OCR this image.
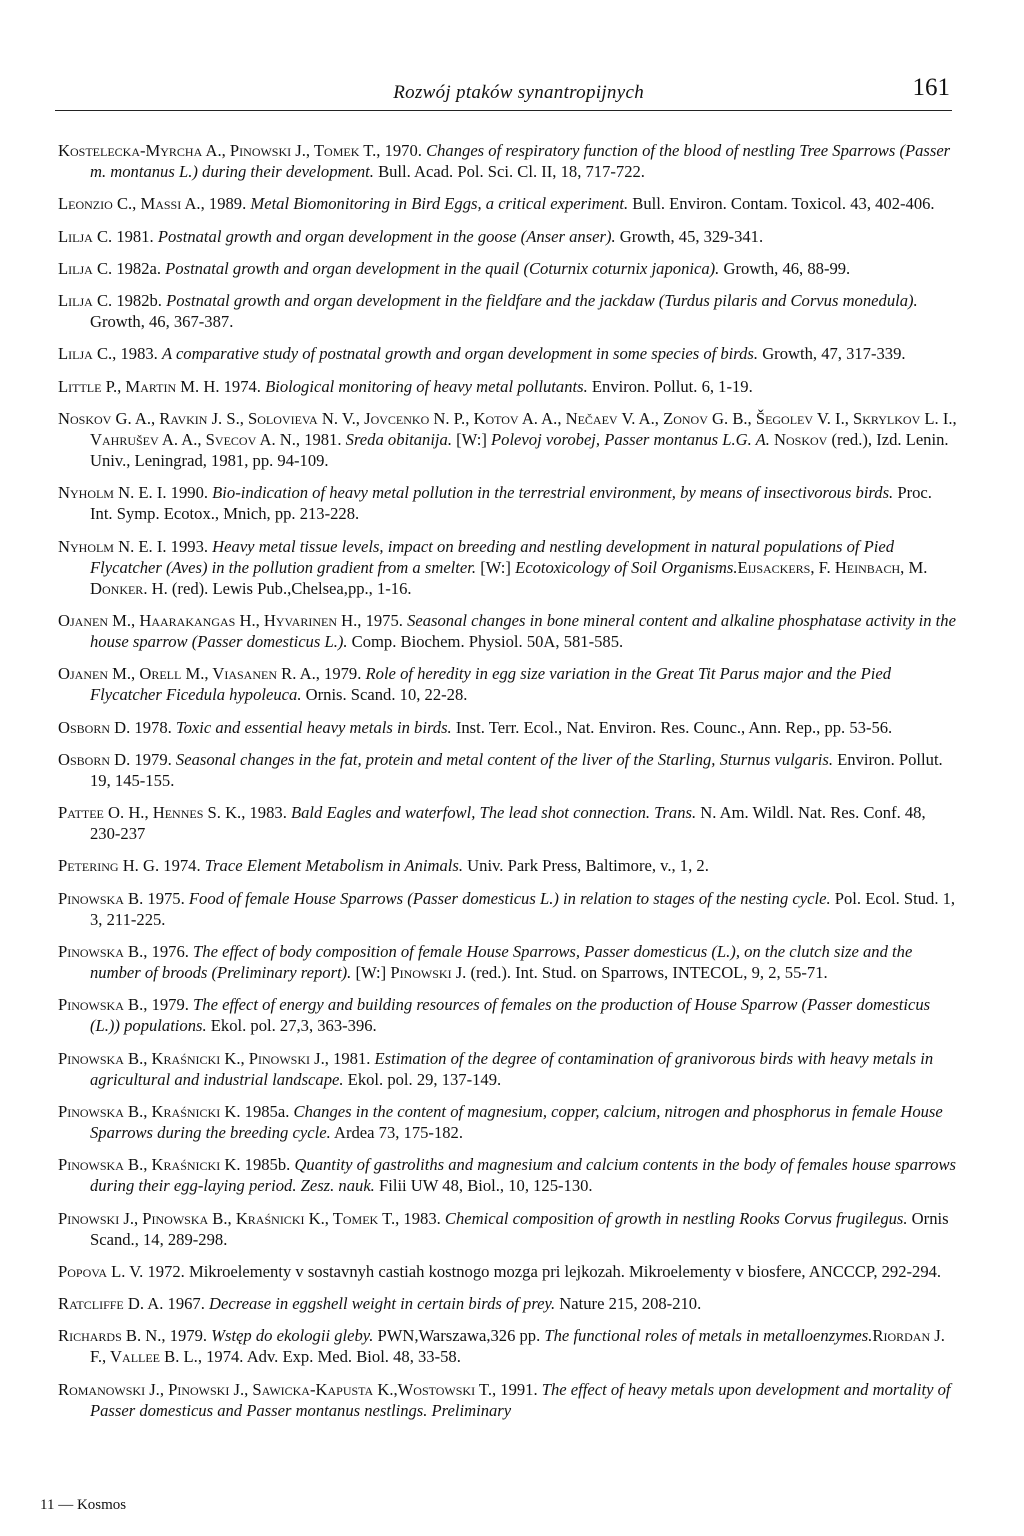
Rozwój ptaków synantropijnych	161
Kostelecka-Myrcha A., Pinowski J., Tomek T., 1970. Changes of respiratory function of the blood of nestling Tree Sparrows (Passer m. montanus L.) during their development. Bull. Acad. Pol. Sci. Cl. II, 18, 717-722.
Leonzio C., Massi A., 1989. Metal Biomonitoring in Bird Eggs, a critical experiment. Bull. Environ. Contam. Toxicol. 43, 402-406.
Lilja C. 1981. Postnatal growth and organ development in the goose (Anser anser). Growth, 45, 329-341.
Lilja C. 1982a. Postnatal growth and organ development in the quail (Coturnix coturnix japonica). Growth, 46, 88-99.
Lilja C. 1982b. Postnatal growth and organ development in the fieldfare and the jackdaw (Turdus pilaris and Corvus monedula). Growth, 46, 367-387.
Lilja C., 1983. A comparative study of postnatal growth and organ development in some species of birds. Growth, 47, 317-339.
Little P., Martin M. H. 1974. Biological monitoring of heavy metal pollutants. Environ. Pollut. 6, 1-19.
Noskov G. A., Ravkin J. S., Solovieva N. V., Jovcenko N. P., Kotov A. A., Nečaev V. A., Zonov G. B., Šegolev V. I., Skrylkov L. I., Vahrušev A. A., Svecov A. N., 1981. Sreda obitanija. [W:] Polevoj vorobej, Passer montanus L.G. A. Noskov (red.), Izd. Lenin. Univ., Leningrad, 1981, pp. 94-109.
Nyholm N. E. I. 1990. Bio-indication of heavy metal pollution in the terrestrial environment, by means of insectivorous birds. Proc. Int. Symp. Ecotox., Mnich, pp. 213-228.
Nyholm N. E. I. 1993. Heavy metal tissue levels, impact on breeding and nestling development in natural populations of Pied Flycatcher (Aves) in the pollution gradient from a smelter. [W:] Ecotoxicology of Soil Organisms.Eijsackers, F. Heinbach, M. Donker. H. (red). Lewis Pub.,Chelsea,pp., 1-16.
Ojanen M., Haarakangas H., Hyvarinen H., 1975. Seasonal changes in bone mineral content and alkaline phosphatase activity in the house sparrow (Passer domesticus L.). Comp. Biochem. Physiol. 50A, 581-585.
Ojanen M., Orell M., Viasanen R. A., 1979. Role of heredity in egg size variation in the Great Tit Parus major and the Pied Flycatcher Ficedula hypoleuca. Ornis. Scand. 10, 22-28.
Osborn D. 1978. Toxic and essential heavy metals in birds. Inst. Terr. Ecol., Nat. Environ. Res. Counc., Ann. Rep., pp. 53-56.
Osborn D. 1979. Seasonal changes in the fat, protein and metal content of the liver of the Starling, Sturnus vulgaris. Environ. Pollut. 19, 145-155.
Pattee O. H., Hennes S. K., 1983. Bald Eagles and waterfowl, The lead shot connection. Trans. N. Am. Wildl. Nat. Res. Conf. 48, 230-237
Petering H. G. 1974. Trace Element Metabolism in Animals. Univ. Park Press, Baltimore, v., 1, 2.
Pinowska B. 1975. Food of female House Sparrows (Passer domesticus L.) in relation to stages of the nesting cycle. Pol. Ecol. Stud. 1, 3, 211-225.
Pinowska B., 1976. The effect of body composition of female House Sparrows, Passer domesticus (L.), on the clutch size and the number of broods (Preliminary report). [W:] Pinowski J. (red.). Int. Stud. on Sparrows, INTECOL, 9, 2, 55-71.
Pinowska B., 1979. The effect of energy and building resources of females on the production of House Sparrow (Passer domesticus (L.)) populations. Ekol. pol. 27,3, 363-396.
Pinowska B., Kraśnicki K., Pinowski J., 1981. Estimation of the degree of contamination of granivorous birds with heavy metals in agricultural and industrial landscape. Ekol. pol. 29, 137-149.
Pinowska B., Kraśnicki K. 1985a. Changes in the content of magnesium, copper, calcium, nitrogen and phosphorus in female House Sparrows during the breeding cycle. Ardea 73, 175-182.
Pinowska B., Kraśnicki K. 1985b. Quantity of gastroliths and magnesium and calcium contents in the body of females house sparrows during their egg-laying period. Zesz. nauk. Filii UW 48, Biol., 10, 125-130.
Pinowski J., Pinowska B., Kraśnicki K., Tomek T., 1983. Chemical composition of growth in nestling Rooks Corvus frugilegus. Ornis Scand., 14, 289-298.
Popova L. V. 1972. Mikroelementy v sostavnyh castiah kostnogo mozga pri lejkozah. Mikroelementy v biosfere, ANCCCP, 292-294.
Ratcliffe D. A. 1967. Decrease in eggshell weight in certain birds of prey. Nature 215, 208-210.
Richards B. N., 1979. Wstęp do ekologii gleby. PWN,Warszawa,326 pp. The functional roles of metals in metalloenzymes.Riordan J. F., Vallee B. L., 1974. Adv. Exp. Med. Biol. 48, 33-58.
Romanowski J., Pinowski J., Sawicka-Kapusta K.,Wostowski T., 1991. The effect of heavy metals upon development and mortality of Passer domesticus and Passer montanus nestlings. Preliminary
11 — Kosmos
